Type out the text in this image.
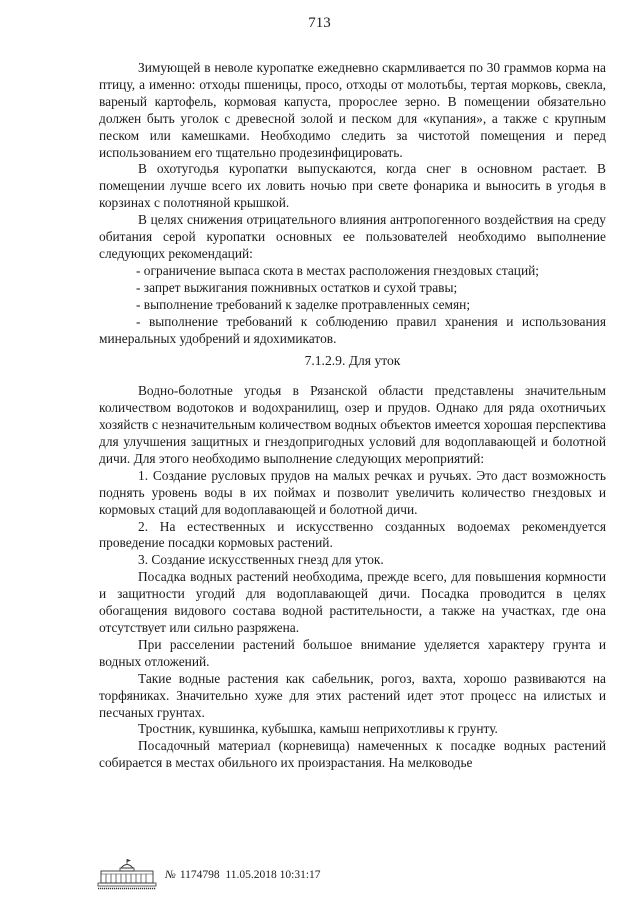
713

Зимующей в неволе куропатке ежедневно скармливается по 30 граммов корма на птицу, а именно: отходы пшеницы, просо, отходы от молотьбы, тертая морковь, свекла, вареный картофель, кормовая капуста, пророслее зерно. В помещении обязательно должен быть уголок с древесной золой и песком для «купания», а также с крупным песком или камешками. Необходимо следить за чистотой помещения и перед использованием его тщательно продезинфицировать.

В охотугодья куропатки выпускаются, когда снег в основном растает. В помещении лучше всего их ловить ночью при свете фонарика и выносить в угодья в корзинах с полотняной крышкой.

В целях снижения отрицательного влияния антропогенного воздействия на среду обитания серой куропатки основных ее пользователей необходимо выполнение следующих рекомендаций:

- ограничение выпаса скота в местах расположения гнездовых стаций;

- запрет выжигания пожнивных остатков и сухой травы;

- выполнение требований к заделке протравленных семян;

- выполнение требований к соблюдению правил хранения и использования минеральных удобрений и ядохимикатов.

7.1.2.9. Для уток

Водно-болотные угодья в Рязанской области представлены значительным количеством водотоков и водохранилищ, озер и прудов. Однако для ряда охотничьих хозяйств с незначительным количеством водных объектов имеется хорошая перспектива для улучшения защитных и гнездопригодных условий для водоплавающей и болотной дичи. Для этого необходимо выполнение следующих мероприятий:

1. Создание русловых прудов на малых речках и ручьях. Это даст возможность поднять уровень воды в их поймах и позволит увеличить количество гнездовых и кормовых стаций для водоплавающей и болотной дичи.

2. На естественных и искусственно созданных водоемах рекомендуется проведение посадки кормовых растений.

3. Создание искусственных гнезд для уток.

Посадка водных растений необходима, прежде всего, для повышения кормности и защитности угодий для водоплавающей дичи. Посадка проводится в целях обогащения видового состава водной растительности, а также на участках, где она отсутствует или сильно разряжена.

При расселении растений большое внимание уделяется характеру грунта и водных отложений.

Такие водные растения как сабельник, рогоз, вахта, хорошо развиваются на торфяниках. Значительно хуже для этих растений идет этот процесс на илистых и песчаных грунтах.

Тростник, кувшинка, кубышка, камыш неприхотливы к грунту.

Посадочный материал (корневища) намеченных к посадке водных растений собирается в местах обильного их произрастания. На мелководье

№ 1174798 11.05.2018 10:31:17
